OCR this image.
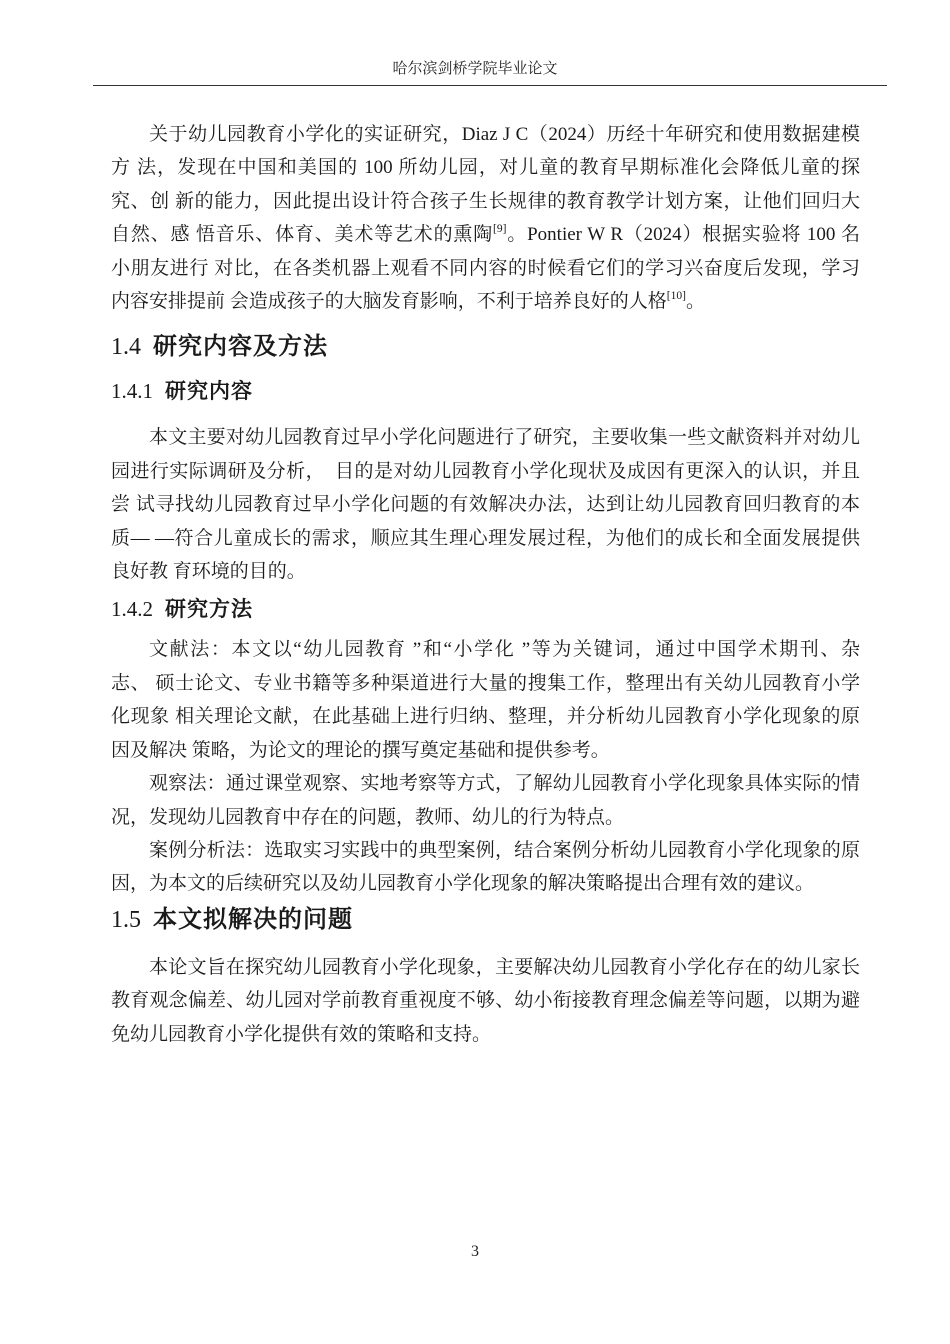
哈尔滨剑桥学院毕业论文
关于幼儿园教育小学化的实证研究，Diaz J C（2024）历经十年研究和使用数据建模
方 法，发现在中国和美国的 100 所幼儿园，对儿童的教育早期标准化会降低儿童的探
究、创 新的能力，因此提出设计符合孩子生长规律的教育教学计划方案，让他们回归大
自然、感 悟音乐、体育、美术等艺术的熏陶[9]。Pontier W R（2024）根据实验将 100 名
小朋友进行 对比，在各类机器上观看不同内容的时候看它们的学习兴奋度后发现，学习
内容安排提前 会造成孩子的大脑发育影响，不利于培养良好的人格[10]。
1.4 研究内容及方法
1.4.1 研究内容
本文主要对幼儿园教育过早小学化问题进行了研究，主要收集一些文献资料并对幼儿
园进行实际调研及分析，　目的是对幼儿园教育小学化现状及成因有更深入的认识，并且
尝 试寻找幼儿园教育过早小学化问题的有效解决办法，达到让幼儿园教育回归教育的本
质— —符合儿童成长的需求，顺应其生理心理发展过程，为他们的成长和全面发展提供
良好教 育环境的目的。
1.4.2 研究方法
文献法：本文以“幼儿园教育 ”和“小学化 ”等为关键词，通过中国学术期刊、杂
志、 硕士论文、专业书籍等多种渠道进行大量的搜集工作，整理出有关幼儿园教育小学
化现象 相关理论文献，在此基础上进行归纳、整理，并分析幼儿园教育小学化现象的原
因及解决 策略，为论文的理论的撰写奠定基础和提供参考。
观察法：通过课堂观察、实地考察等方式，了解幼儿园教育小学化现象具体实际的情
况，发现幼儿园教育中存在的问题，教师、幼儿的行为特点。
案例分析法：选取实习实践中的典型案例，结合案例分析幼儿园教育小学化现象的原
因，为本文的后续研究以及幼儿园教育小学化现象的解决策略提出合理有效的建议。
1.5 本文拟解决的问题
本论文旨在探究幼儿园教育小学化现象，主要解决幼儿园教育小学化存在的幼儿家长
教育观念偏差、幼儿园对学前教育重视度不够、幼小衔接教育理念偏差等问题，以期为避
免幼儿园教育小学化提供有效的策略和支持。
3
